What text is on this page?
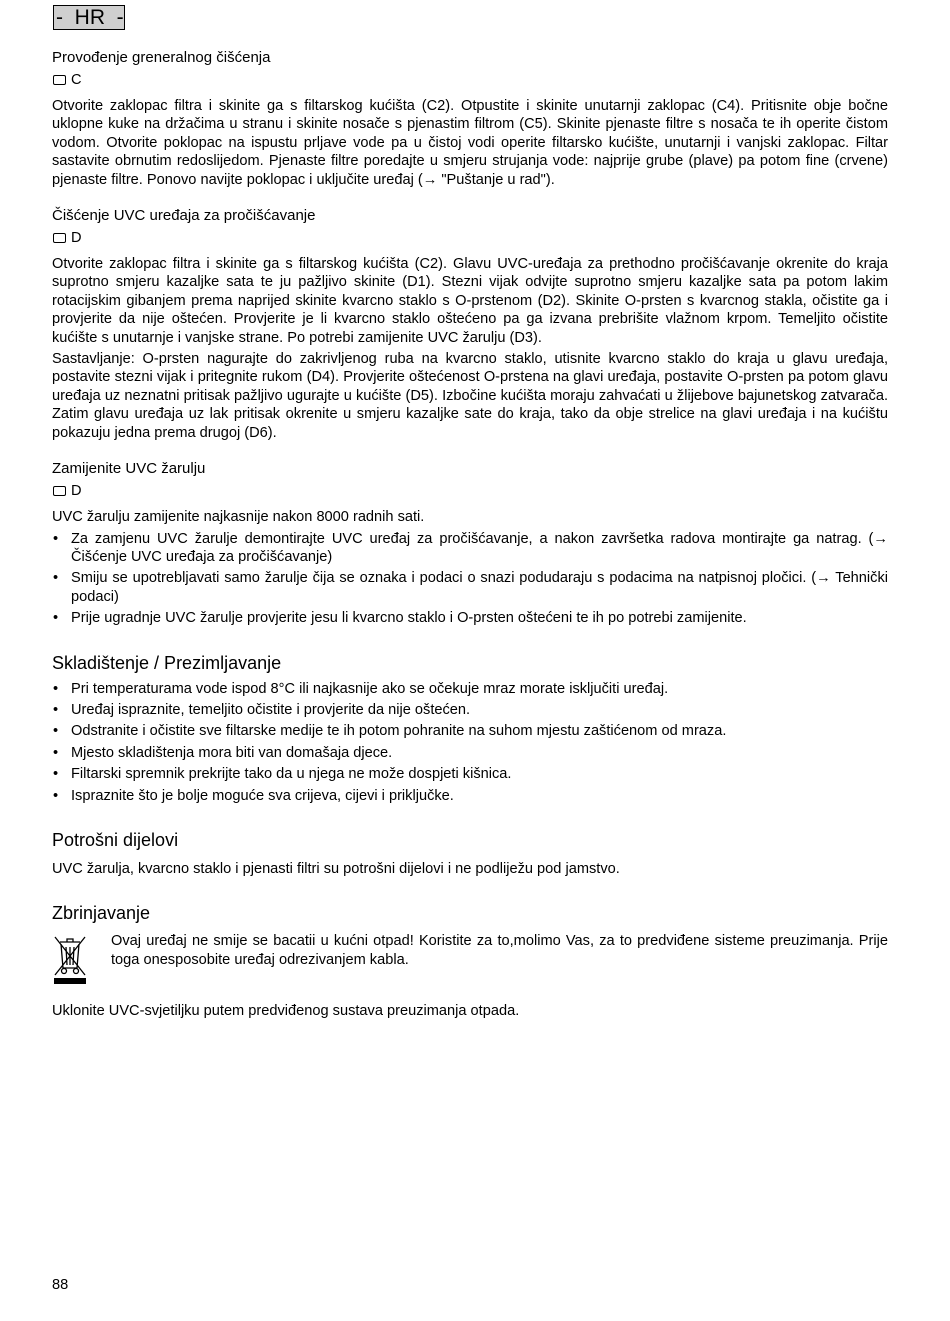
-  HR  -
Provođenje greneralnog čišćenja
C

Otvorite zaklopac filtra i skinite ga s filtarskog kućišta (C2). Otpustite i skinite unutarnji zaklopac (C4). Pritisnite obje bočne uklopne kuke na držačima u stranu i skinite nosače s pjenastim filtrom (C5). Skinite pjenaste filtre s nosača te ih operite čistom vodom. Otvorite poklopac na ispustu prljave vode pa u čistoj vodi operite filtarsko kućište, unutarnji i vanjski zaklopac. Filtar sastavite obrnutim redoslijedom. Pjenaste filtre poredajte u smjeru strujanja vode: najprije grube (plave) pa potom fine (crvene) pjenaste filtre. Ponovo navijte poklopac i uključite uređaj (→ "Puštanje u rad").

Čišćenje UVC uređaja za pročišćavanje
D

Otvorite zaklopac filtra i skinite ga s filtarskog kućišta (C2). Glavu UVC-uređaja za prethodno pročišćavanje okrenite do kraja suprotno smjeru kazaljke sata te ju pažljivo skinite (D1). Stezni vijak odvijte suprotno smjeru kazaljke sata pa potom lakim rotacijskim gibanjem prema naprijed skinite kvarcno staklo s O-prstenom (D2). Skinite O-prsten s kvarcnog stakla, očistite ga i provjerite da nije oštećen. Provjerite je li kvarcno staklo oštećeno pa ga izvana prebrišite vlažnom krpom. Temeljito očistite kućište s unutarnje i vanjske strane. Po potrebi zamijenite UVC žarulju (D3).

Sastavljanje: O-prsten nagurajte do zakrivljenog ruba na kvarcno staklo, utisnite kvarcno staklo do kraja u glavu uređaja, postavite stezni vijak i pritegnite rukom (D4). Provjerite oštećenost O-prstena na glavi uređaja, postavite O-prsten pa potom glavu uređaja uz neznatni pritisak pažljivo ugurajte u kućište (D5). Izbočine kućišta moraju zahvaćati u žlijebove bajunetskog zatvarača. Zatim glavu uređaja uz lak pritisak okrenite u smjeru kazaljke sate do kraja, tako da obje strelice na glavi uređaja i na kućištu pokazuju jedna prema drugoj (D6).

Zamijenite UVC žarulju
D

UVC žarulju zamijenite najkasnije nakon 8000 radnih sati.

• Za zamjenu UVC žarulje demontirajte UVC uređaj za pročišćavanje, a nakon završetka radova montirajte ga natrag. (→ Čišćenje UVC uređaja za pročišćavanje)
• Smiju se upotrebljavati samo žarulje čija se oznaka i podaci o snazi podudaraju s podacima na natpisnoj pločici. (→ Tehnički podaci)
• Prije ugradnje UVC žarulje provjerite jesu li kvarcno staklo i O-prsten oštećeni te ih po potrebi zamijenite.
Skladištenje / Prezimljavanje
• Pri temperaturama vode ispod 8°C ili najkasnije ako se očekuje mraz morate isključiti uređaj.
• Uređaj ispraznite, temeljito očistite i provjerite da nije oštećen.
• Odstranite i očistite sve filtarske medije te ih potom pohranite na suhom mjestu zaštićenom od mraza.
• Mjesto skladištenja mora biti van domašaja djece.
• Filtarski spremnik prekrijte tako da u njega ne može dospjeti kišnica.
• Ispraznite što je bolje moguće sva crijeva, cijevi i priključke.
Potrošni dijelovi

UVC žarulja, kvarcno staklo i pjenasti filtri su potrošni dijelovi i ne podliježu pod jamstvo.

Zbrinjavanje

Ovaj uređaj ne smije se bacatii u kućni otpad! Koristite za to,molimo Vas, za to predviđene sisteme preuzimanja. Prije toga onesposobite uređaj odrezivanjem kabla.

Uklonite UVC-svjetiljku putem predviđenog sustava preuzimanja otpada.

88
